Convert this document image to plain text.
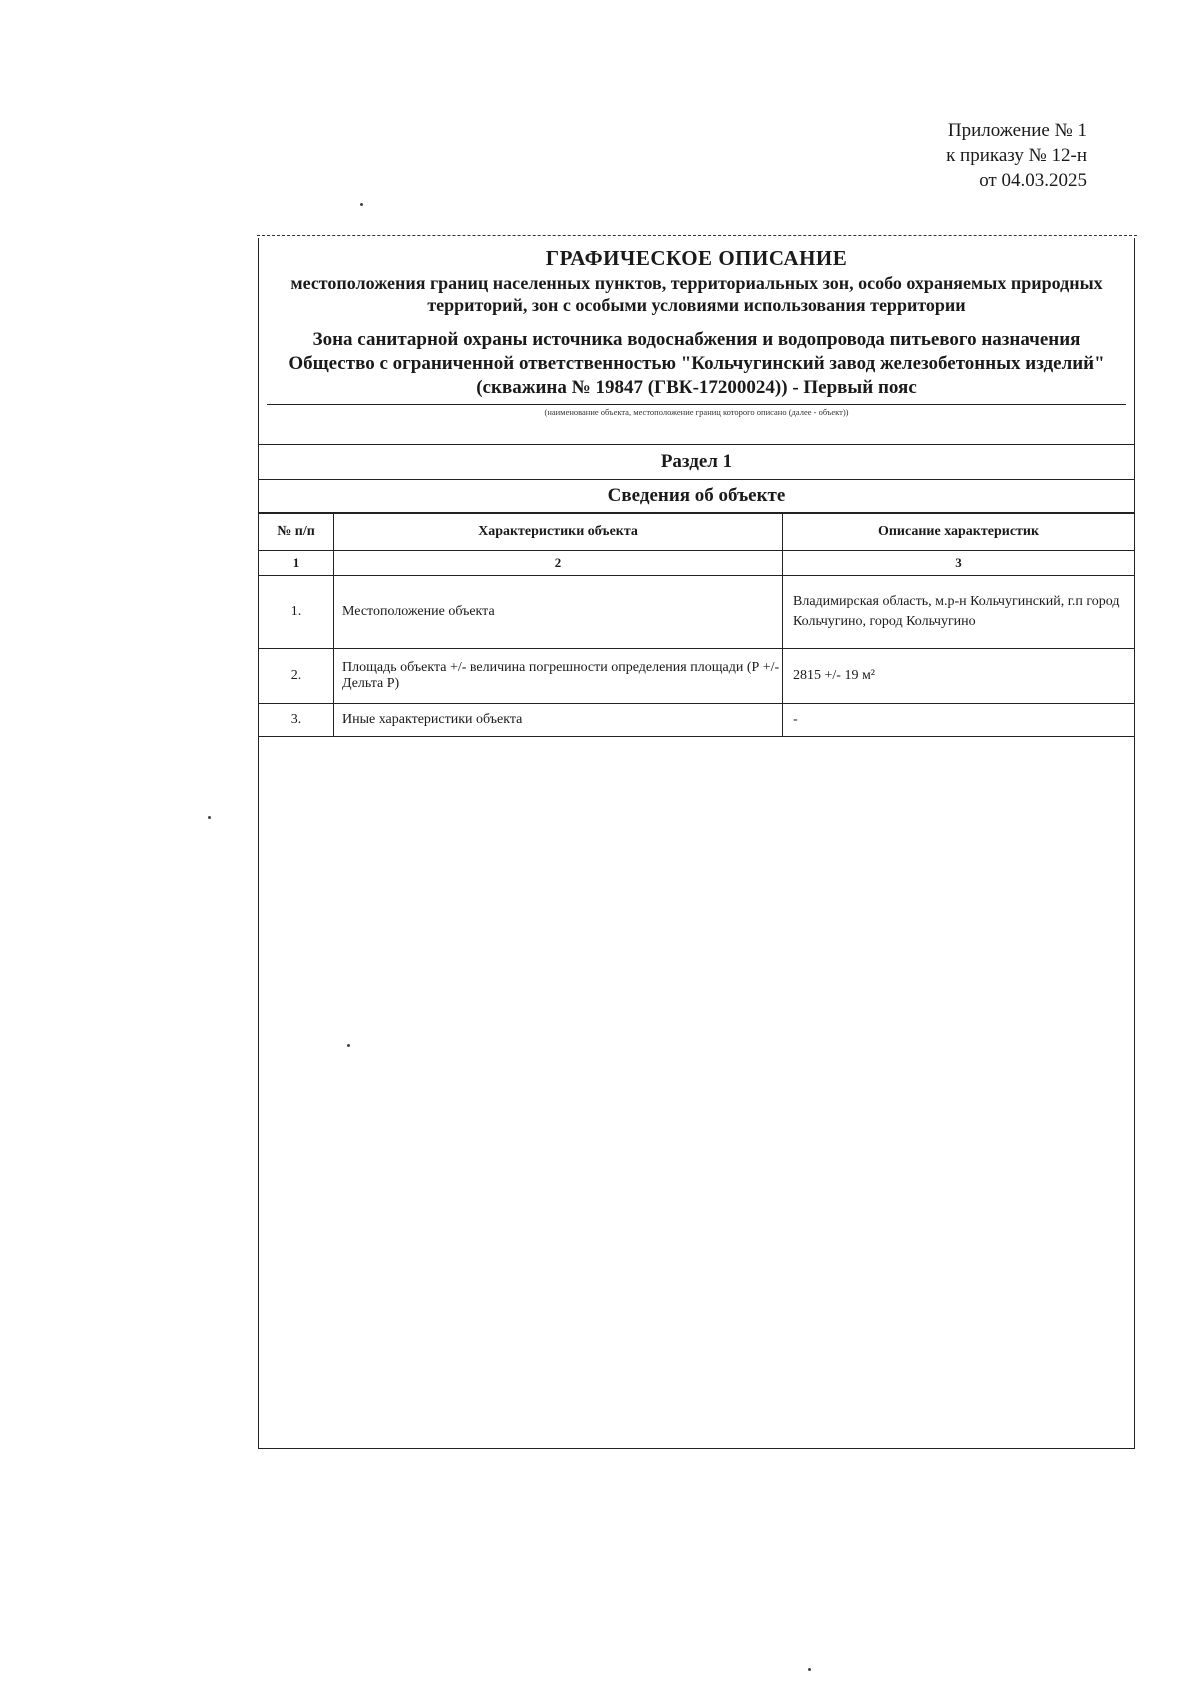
Приложение № 1
к приказу № 12-н
от 04.03.2025
ГРАФИЧЕСКОЕ ОПИСАНИЕ
местоположения границ населенных пунктов, территориальных зон, особо охраняемых природных территорий, зон с особыми условиями использования территории
Зона санитарной охраны источника водоснабжения и водопровода питьевого назначения Общество с ограниченной ответственностью "Кольчугинский завод железобетонных изделий" (скважина № 19847 (ГВК-17200024)) - Первый пояс
(наименование объекта, местоположение границ которого описано (далее - объект))
Раздел 1
Сведения об объекте
№ п/п	Характеристики объекта	Описание характеристик
1	2	3
1.	Местоположение объекта	Владимирская область, м.р-н Кольчугинский, г.п город Кольчугино, город Кольчугино
2.	Площадь объекта +/- величина погрешности определения площади (Р +/- Дельта Р)	2815 +/- 19 м²
3.	Иные характеристики объекта	-
